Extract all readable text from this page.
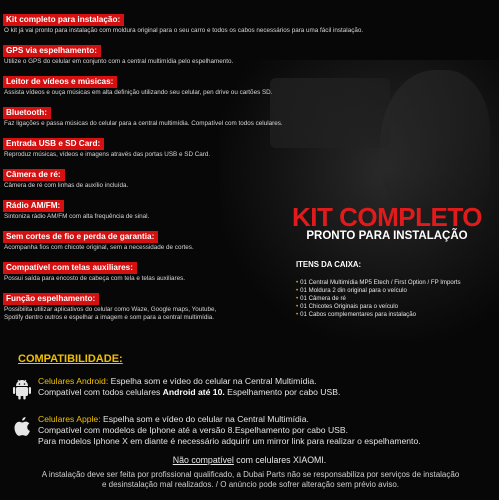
Kit completo para instalação:
O kit já vai pronto para instalação com moldura original para o seu carro e todos os cabos necessários para uma fácil instalação.
GPS via espelhamento:
Utilize o GPS do celular em conjunto com a central multimídia pelo espelhamento.
Leitor de vídeos e músicas:
Assista vídeos e ouça músicas em alta definição utilizando seu celular, pen drive ou cartões SD.
Bluetooth:
Faz ligações e passa músicas do celular para a central multimídia. Compatível com todos celulares.
Entrada USB e SD Card:
Reproduz músicas, vídeos e imagens através das portas USB e SD Card.
Câmera de ré:
Câmera de ré com linhas de auxílio incluída.
Rádio AM/FM:
Sintoniza rádio AM/FM com alta frequência de sinal.
Sem cortes de fio e perda de garantia:
Acompanha fios com chicote original, sem a necessidade de cortes.
Compatível com telas auxiliares:
Possui saída para encosto de cabeça com tela e telas auxiliares.
Função espelhamento:
Possibilita utilizar aplicativos do celular como Waze, Google maps, Youtube,
Spotify dentro outros e espelhar a imagem e som para a central multimídia.
KIT COMPLETO
PRONTO PARA INSTALAÇÃO
ITENS DA CAIXA:
• 01 Central Multimídia MP5 Etech / First Option / FP Imports
• 01 Moldura 2 din original para o veículo
• 01 Câmera de ré
• 01 Chicotes Originais para o veículo
• 01 Cabos complementares para instalação
COMPATIBILIDADE:
Celulares Android: Espelha som e vídeo do celular na Central Multimídia.
Compatível com todos celulares Android até 10. Espelhamento por cabo USB.
Celulares Apple: Espelha som e vídeo do celular na Central Multimídia.
Compatível com modelos de Iphone até a versão 8.Espelhamento por cabo USB.
Para modelos Iphone X em diante é necessário adquirir um mirror link para realizar o espelhamento.
Não compatível com celulares XIAOMI.
A instalação deve ser feita por profissional qualificado, a Dubai Parts não se responsabiliza por serviços de instalação
e desinstalação mal realizados. / O anúncio pode sofrer alteração sem prévio aviso.
